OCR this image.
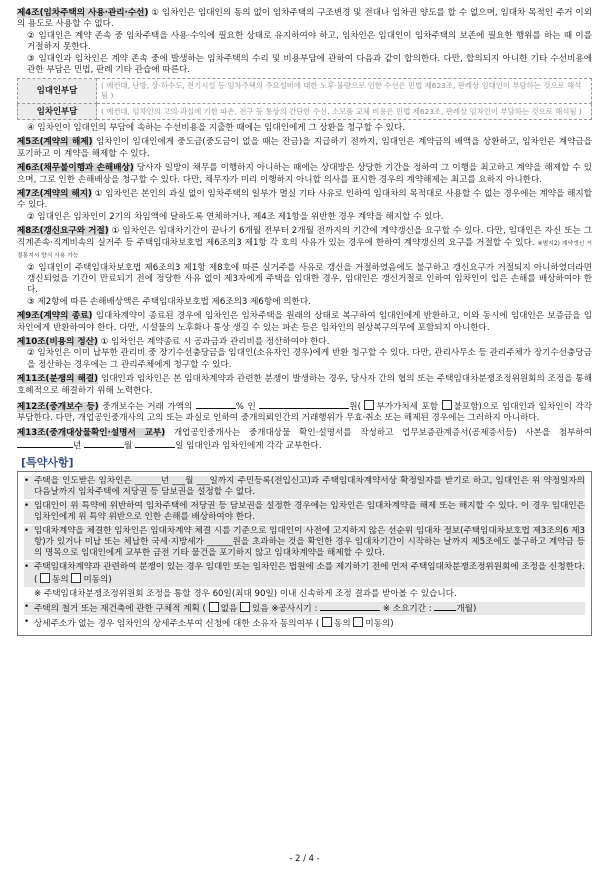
제4조(임차주택의 사용·관리·수선) ① 임차인은 임대인의 동의 없이 임차주택의 구조변경 및 전대나 임차권 양도를 할 수 없으며, 임대차 목적인 주거 이외의 용도로 사용할 수 없다.
② 임대인은 계약 존속 중 임차주택을 사용·수익에 필요한 상태로 유지하여야 하고, 임차인은 임대인이 임차주택의 보존에 필요한 행위를 하는 때 이를 거절하지 못한다.
③ 임대인과 임차인은 계약 존속 중에 발생하는 임차주택의 수리 및 비용부담에 관하여 다음과 같이 합의한다. 다만, 합의되지 아니한 기타 수선비용에 관한 부담은 민법, 판례 기타 관습에 따른다.
임대인부담	( 예컨대, 난방, 상·하수도, 전기시설 등 임차주택의 주요설비에 대한 노후·불량으로 인한 수선은 민법 제623조, 판례상 임대인이 부담하는 것으로 해석됨 )
임차인부담	( 예컨대, 임차인의 고의·과실에 기한 파손, 전구 등 통상의 간단한 수선, 소모품 교체 비용은 민법 제623조, 판례상 임차인이 부담하는 것으로 해석됨 )
④ 임차인이 임대인의 부담에 속하는 수선비용을 지출한 때에는 임대인에게 그 상환을 청구할 수 있다.
제5조(계약의 해제) 임차인이 임대인에게 중도금(중도금이 없을 때는 잔금)을 지급하기 전까지, 임대인은 계약금의 배액을 상환하고, 임차인은 계약금을 포기하고 이 계약을 해제할 수 있다.
제6조(채무불이행과 손해배상) 당사자 일방이 채무를 이행하지 아니하는 때에는 상대방은 상당한 기간을 정하여 그 이행을 최고하고 계약을 해제할 수 있으며, 그로 인한 손해배상을 청구할 수 있다. 다만, 채무자가 미리 이행하지 아니할 의사를 표시한 경우의 계약해제는 최고를 요하지 아니한다.
제7조(계약의 해지) ① 임차인은 본인의 과실 없이 임차주택의 일부가 멸실 기타 사유로 인하여 임대차의 목적대로 사용할 수 없는 경우에는 계약을 해지할 수 있다.
② 임대인은 임차인이 2기의 차임액에 달하도록 연체하거나, 제4조 제1항을 위반한 경우 계약을 해지할 수 있다.
제8조(갱신요구와 거절) ① 임차인은 임대차기간이 끝나기 6개월 전부터 2개월 전까지의 기간에 계약갱신을 요구할 수 있다. 다만, 임대인은 자신 또는 그 직계존속·직계비속의 실거주 등 주택임대차보호법 제6조의3 제1항 각 호의 사유가 있는 경우에 한하여 계약갱신의 요구를 거절할 수 있다. ※별지2) 계약갱신 거절통지서 양식 사용 가능
② 임대인이 주택임대차보호법 제6조의3 제1항 제8호에 따른 실거주를 사유로 갱신을 거절하였음에도 불구하고 갱신요구가 거절되지 아니하였더라면 갱신되었을 기간이 만료되기 전에 정당한 사유 없이 제3자에게 주택을 임대한 경우, 임대인은 갱신거절로 인하여 임차인이 입은 손해를 배상하여야 한다.
③ 제2항에 따른 손해배상액은 주택임대차보호법 제6조의3 제6항에 의한다.
제9조(계약의 종료) 임대차계약이 종료된 경우에 임차인은 임차주택을 원래의 상태로 복구하여 임대인에게 반환하고, 이와 동시에 임대인은 보증금을 임차인에게 반환하여야 한다. 다만, 시설물의 노후화나 통상 생길 수 있는 파손 등은 임차인의 원상복구의무에 포함되지 아니한다.
제10조(비용의 정산) ① 임차인은 계약종료 시 공과금과 관리비를 정산하여야 한다.
② 임차인은 이미 납부한 관리비 중 장기수선충당금을 임대인(소유자인 경우)에게 반환 청구할 수 있다. 다만, 관리사무소 등 관리주체가 장기수선충당금을 정산하는 경우에는 그 관리주체에게 청구할 수 있다.
제11조(분쟁의 해결) 임대인과 임차인은 본 임대차계약과 관련한 분쟁이 발생하는 경우, 당사자 간의 협의 또는 주택임대차분쟁조정위원회의 조정을 통해 호혜적으로 해결하기 위해 노력한다.
제12조(중개보수 등) 중개보수는 거래 가액의	% 인	원( 부가가치세 포함 불포함)으로 임대인과 임차인이 각각 부담한다. 다만, 개업공인중개사의 고의 또는 과실로 인하여 중개의뢰인간의 거래행위가 무효·취소 또는 해제된 경우에는 그러하지 아니하다.
제13조(중개대상물확인·설명서 교부) 개업공인중개사는 중개대상물 확인·설명서를 작성하고 업무보증관계증서(공제증서등) 사본을 첨부하여 년	월	일 임대인과 임차인에게 각각 교부한다.
[특약사항]
• 주택을 인도받은 임차인은 ______년 ___월 ___일까지 주민등록(전입신고)과 주택임대차계약서상 확정일자를 받기로 하고, 임대인은 위 약정일자의 다음날까지 임차주택에 저당권 등 담보권을 설정할 수 없다.
• 임대인이 위 특약에 위반하여 임차주택에 저당권 등 담보권을 설정한 경우에는 임차인은 임대차계약을 해제 또는 해지할 수 있다. 이 경우 임대인은 임차인에게 위 특약 위반으로 인한 손해를 배상하여야 한다.
• 임대차계약을 체결한 임차인은 임대차계약 체결 시를 기준으로 임대인이 사전에 고지하지 않은 선순위 임대차 정보(주택임대차보호법 제3조의6 제3항)가 있거나 미납 또는 체납한 국세·지방세가 ______원을 초과하는 것을 확인한 경우 임대차기간이 시작하는 날까지 제5조에도 불구하고 계약금 등의 명목으로 임대인에게 교부한 금전 기타 물건을 포기하지 않고 임대차계약을 해제할 수 있다.
• 주택임대차계약과 관련하여 분쟁이 있는 경우 임대인 또는 임차인은 법원에 소를 제기하기 전에 먼저 주택임대차분쟁조정위원회에 조정을 신청한다. ( 동의 미동의)
※ 주택임대차분쟁조정위원회 조정을 통할 경우 60일(최대 90일) 이내 신속하게 조정 결과를 받아볼 수 있습니다.
• 주택의 철거 또는 재건축에 관한 구체적 계획 ( 없음 있음 ※공사시기 :	※ 소요기간 :	개월)
• 상세주소가 없는 경우 임차인의 상세주소부여 신청에 대한 소유자 동의여부 ( 동의 미동의)
- 2 / 4 -
